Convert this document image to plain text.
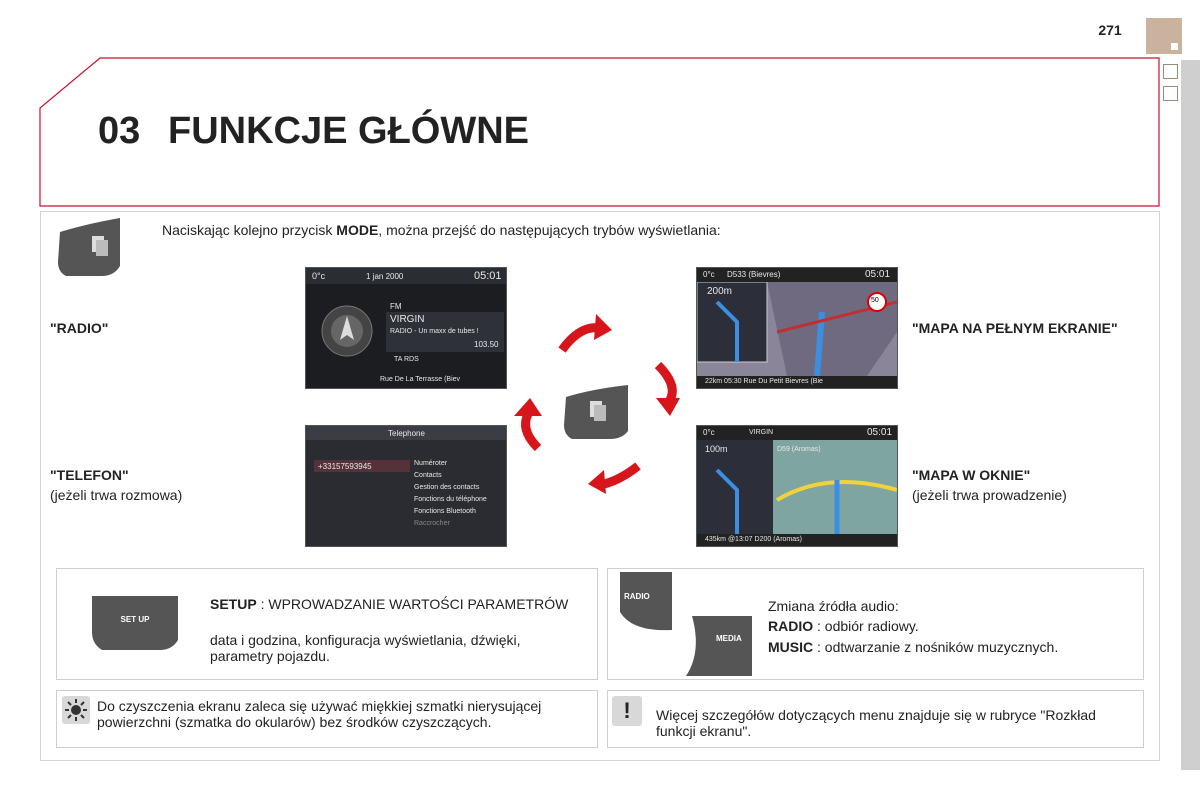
271
03 FUNKCJE GŁÓWNE
Naciskając kolejno przycisk MODE, można przejść do następujących trybów wyświetlania:
"RADIO"	"MAPA NA PEŁNYM EKRANIE"
"TELEFON"
(jeżeli trwa rozmowa)
"MAPA W OKNIE"
(jeżeli trwa prowadzenie)
0°c	1 jan 2000	05:01
FM
VIRGIN
RADIO - Un maxx de tubes !
103.50
TA RDS
Rue De La Terrasse (Biev
0°c D533 (Bievres)	05:01
200m
50
22km 05:30 Rue Du Petit Bievres (Bie
Telephone
+33157593945	Numéroter
Contacts
Gestion des contacts
Fonctions du téléphone
Fonctions Bluetooth
Raccrocher
0°c	VIRGIN	05:01
100m	D59 (Aromas)
435km @13:07 D200 (Aromas)
SET UP
SETUP : WPROWADZANIE WARTOŚCI PARAMETRÓW
data i godzina, konfiguracja wyświetlania, dźwięki, parametry pojazdu.
RADIO
MEDIA
Zmiana źródła audio:
RADIO : odbiór radiowy.
MUSIC : odtwarzanie z nośników muzycznych.
Do czyszczenia ekranu zaleca się używać miękkiej szmatki nierysującej powierzchni (szmatka do okularów) bez środków czyszczących.	!	Więcej szczegółów dotyczących menu znajduje się w rubryce "Rozkład funkcji ekranu".
